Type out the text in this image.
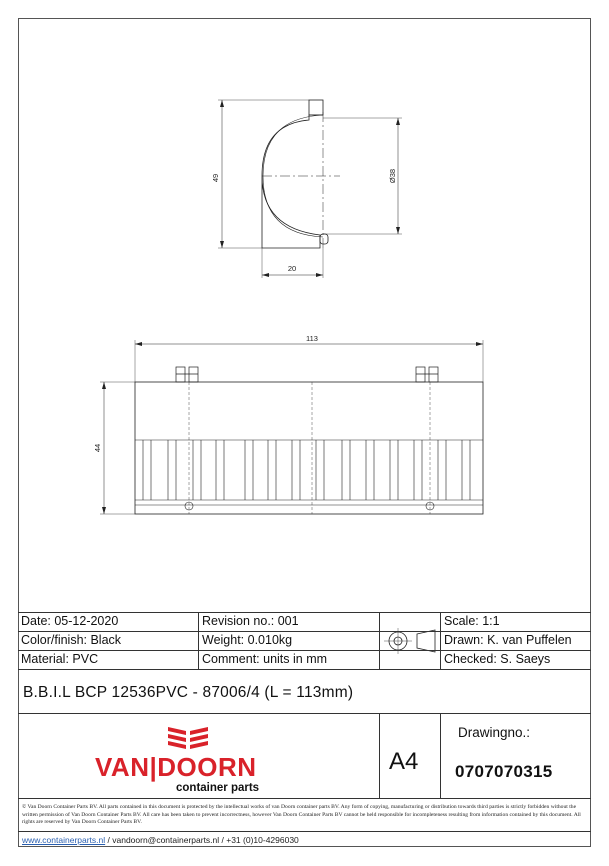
49
20
Ø38
113
44
Date: 05-12-2020	Revision no.: 001	Scale: 1:1
Color/finish: Black	Weight: 0.010kg	Drawn: K. van Puffelen
Material: PVC	Comment: units in mm	Checked: S. Saeys
B.B.I.L BCP 12536PVC - 87006/4 (L = 113mm)
VAN|DOORN
container parts
A4
Drawingno.:
0707070315
© Van Doorn Container Parts BV. All parts contained in this document is protected by the intellectual works of van Doorn container parts BV. Any form of copying, manufacturing or distribution towards third parties is strictly forbidden without the written permission of Van Doorn Container Parts BV. All care has been taken to prevent incorrectness, however Van Doorn Container Parts BV cannot be held responsible for incompleteness resulting from information contained by this document. All rights are reserved by Van Doorn Container Parts BV.
www.containerparts.nl / vandoorn@containerparts.nl / +31 (0)10-4296030
